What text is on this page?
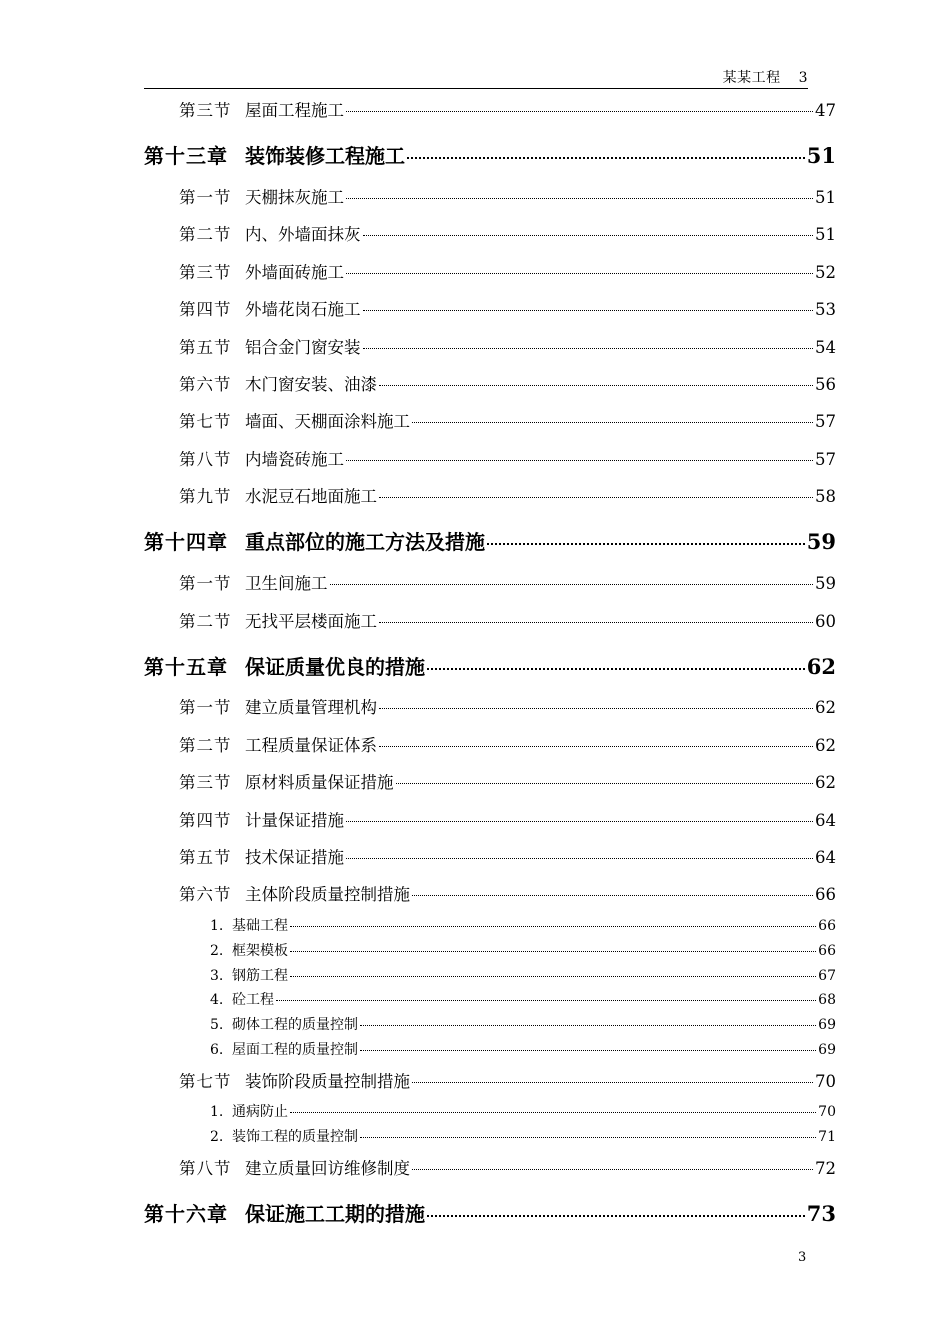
某某工程 3
第三节 屋面工程施工	47
第十三章 装饰装修工程施工	51
第一节 天棚抹灰施工	51
第二节 内、外墙面抹灰	51
第三节 外墙面砖施工	52
第四节 外墙花岗石施工	53
第五节 铝合金门窗安装	54
第六节 木门窗安装、油漆	56
第七节 墙面、天棚面涂料施工	57
第八节 内墙瓷砖施工	57
第九节 水泥豆石地面施工	58
第十四章 重点部位的施工方法及措施	59
第一节 卫生间施工	59
第二节 无找平层楼面施工	60
第十五章 保证质量优良的措施	62
第一节 建立质量管理机构	62
第二节 工程质量保证体系	62
第三节 原材料质量保证措施	62
第四节 计量保证措施	64
第五节 技术保证措施	64
第六节 主体阶段质量控制措施	66
1. 基础工程	66
2. 框架模板	66
3. 钢筋工程	67
4. 砼工程	68
5. 砌体工程的质量控制	69
6. 屋面工程的质量控制	69
第七节 装饰阶段质量控制措施	70
1. 通病防止	70
2. 装饰工程的质量控制	71
第八节 建立质量回访维修制度	72
第十六章 保证施工工期的措施	73
3
